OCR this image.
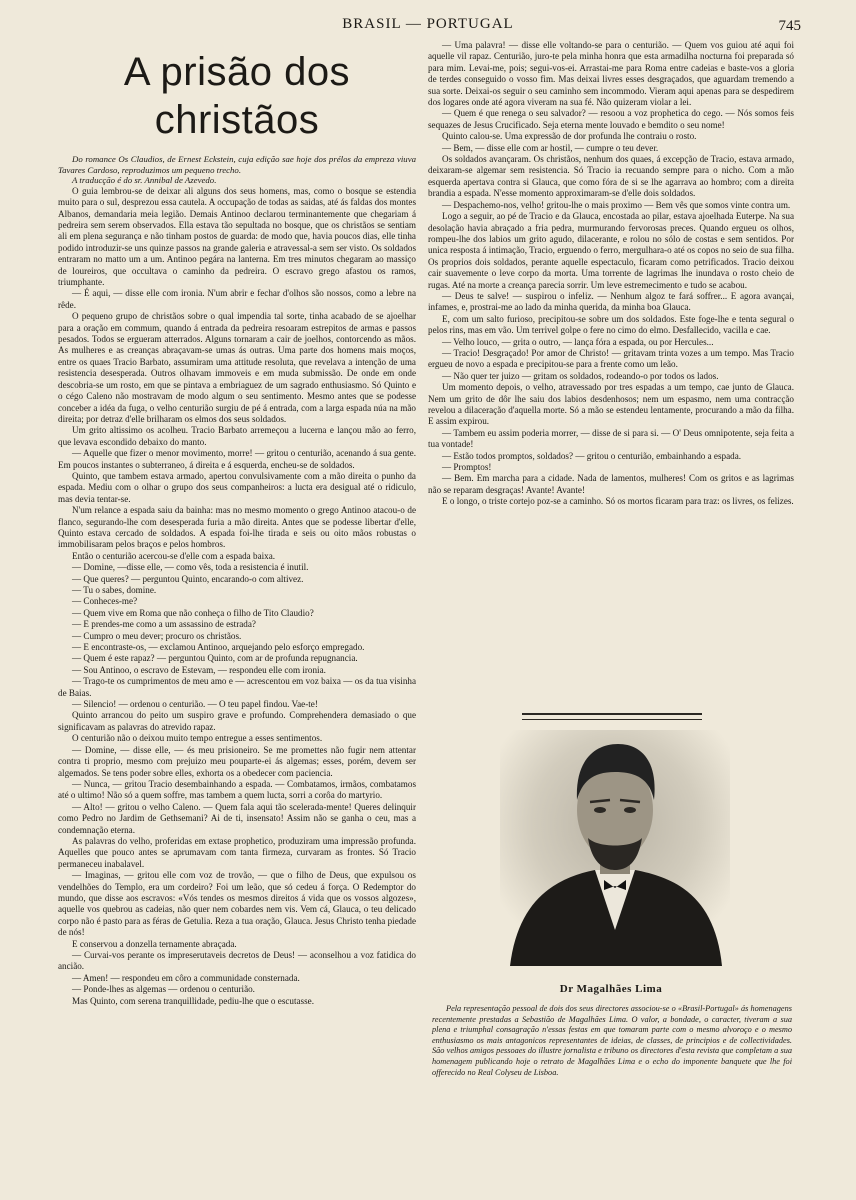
BRASIL — PORTUGAL	745
A prisão dos christãos

Do romance Os Claudios, de Ernest Eckstein, cuja edição sae hoje dos prélos da empreza viuva Tavares Cardoso, reproduzimos um pequeno trecho.

A traducção é do sr. Annibal de Azevedo.

O guia lembrou-se de deixar ali alguns dos seus homens, mas, como o bosque se estendia muito para o sul, desprezou essa cautela. A occupação de todas as saidas, até ás faldas dos montes Albanos, demandaria meia legião. Demais Antinoo declarou terminantemente que chegariam á pedreira sem serem observados. Ella estava tão sepultada no bosque, que os christãos se sentiam ali em plena segurança e não tinham postos de guarda: de modo que, havia poucos dias, elle tinha podido introduzir-se uns quinze passos na grande galeria e atravessal-a sem ser visto. Os soldados entraram no matto um a um. Antinoo pegára na lanterna. Em tres minutos chegaram ao massiço de loureiros, que occultava o caminho da pedreira. O escravo grego afastou os ramos, triumphante.

— É aqui, — disse elle com ironia. N'um abrir e fechar d'olhos são nossos, como a lebre na rêde.

O pequeno grupo de christãos sobre o qual impendia tal sorte, tinha acabado de se ajoelhar para a oração em commum, quando á entrada da pedreira resoaram estrepitos de armas e passos pesados. Todos se ergueram atterrados. Alguns tornaram a cair de joelhos, contorcendo as mãos. As mulheres e as creanças abraçavam-se umas ás outras. Uma parte dos homens mais moços, entre os quaes Tracio Barbato, assumiram uma attitude resoluta, que revelava a intenção de uma resistencia desesperada. Outros olhavam immoveis e em muda submissão. De onde em onde descobria-se um rosto, em que se pintava a embriaguez de um sagrado enthusiasmo. Só Quinto e o cégo Caleno não mostravam de modo algum o seu sentimento. Mesmo antes que se podesse conceber a idéa da fuga, o velho centurião surgiu de pé á entrada, com a larga espada núa na mão direita; por detraz d'elle brilharam os elmos dos seus soldados.

Um grito altissimo os acolheu. Tracio Barbato arremeçou a lucerna e lançou mão ao ferro, que levava escondido debaixo do manto.

— Aquelle que fizer o menor movimento, morre! — gritou o centurião, acenando á sua gente. Em poucos instantes o subterraneo, á direita e á esquerda, encheu-se de soldados.

Quinto, que tambem estava armado, apertou convulsivamente com a mão direita o punho da espada. Mediu com o olhar o grupo dos seus companheiros: a lucta era desigual até o ridiculo, mas devia tentar-se.

N'um relance a espada saiu da bainha: mas no mesmo momento o grego Antinoo atacou-o de flanco, segurando-lhe com desesperada furia a mão direita. Antes que se podesse libertar d'elle, Quinto estava cercado de soldados. A espada foi-lhe tirada e seis ou oito mãos robustas o immobilisaram pelos braços e pelos hombros.

Então o centurião acercou-se d'elle com a espada baixa.

— Domine, —disse elle, — como vês, toda a resistencia é inutil.

— Que queres? — perguntou Quinto, encarando-o com altivez.

— Tu o sabes, domine.

— Conheces-me?

— Quem vive em Roma que não conheça o filho de Tito Claudio?

— E prendes-me como a um assassino de estrada?

— Cumpro o meu dever; procuro os christãos.

— E encontraste-os, — exclamou Antinoo, arquejando pelo esforço empregado.

— Quem é este rapaz? — perguntou Quinto, com ar de profunda repugnancia.

— Sou Antinoo, o escravo de Estevam, — respondeu elle com ironia.

— Trago-te os cumprimentos de meu amo e — acrescentou em voz baixa — os da tua visinha de Baias.

— Silencio! — ordenou o centurião. — O teu papel findou. Vae-te!

Quinto arrancou do peito um suspiro grave e profundo. Comprehendera demasiado o que significavam as palavras do atrevido rapaz.

O centurião não o deixou muito tempo entregue a esses sentimentos.

— Domine, — disse elle, — és meu prisioneiro. Se me promettes não fugir nem attentar contra ti proprio, mesmo com prejuizo meu pouparte-ei ás algemas; esses, porém, devem ser algemados. Se tens poder sobre elles, exhorta os a obedecer com paciencia.

— Nunca, — gritou Tracio desembainhando a espada. — Combatamos, irmãos, combatamos até o ultimo! Não só a quem soffre, mas tambem a quem lucta, sorri a corôa do martyrio.

— Alto! — gritou o velho Caleno. — Quem fala aqui tão scelerada-mente! Queres delinquir como Pedro no Jardim de Gethsemani? Ai de ti, insensato! Assim não se ganha o ceu, mas a condemnação eterna.

As palavras do velho, proferidas em extase prophetico, produziram uma impressão profunda. Aquelles que pouco antes se aprumavam com tanta firmeza, curvaram as frontes. Só Tracio permaneceu inabalavel.

— Imaginas, — gritou elle com voz de trovão, — que o filho de Deus, que expulsou os vendelhões do Templo, era um cordeiro? Foi um leão, que só cedeu á força. O Redemptor do mundo, que disse aos escravos: «Vós tendes os mesmos direitos á vida que os vossos algozes», aquelle vos quebrou as cadeias, não quer nem cobardes nem vis. Vem cá, Glauca, o teu delicado corpo não é pasto para as féras de Getulia. Reza a tua oração, Glauca. Jesus Christo tenha piedade de nós!

E conservou a donzella ternamente abraçada.

— Curvai-vos perante os impreserutaveis decretos de Deus! — aconselhou a voz fatidica do ancião.

— Amen! — respondeu em côro a communidade consternada.

— Ponde-lhes as algemas — ordenou o centurião.

Mas Quinto, com serena tranquillidade, pediu-lhe que o escutasse.

— Uma palavra! — disse elle voltando-se para o centurião. — Quem vos guiou até aqui foi aquelle vil rapaz. Centurião, juro-te pela minha honra que esta armadilha nocturna foi preparada só para mim. Levai-me, pois; segui-vos-ei. Arrastai-me para Roma entre cadeias e baste-vos a gloria de terdes conseguido o vosso fim. Mas deixai livres esses desgraçados, que aguardam tremendo a sua sorte. Deixai-os seguir o seu caminho sem incommodo. Vieram aqui apenas para se despedirem dos logares onde até agora viveram na sua fé. Não quizeram violar a lei.

— Quem é que renega o seu salvador? — resoou a voz prophetica do cego. — Nós somos feis sequazes de Jesus Crucificado. Seja eterna mente louvado e bemdito o seu nome!

Quinto calou-se. Uma expressão de dor profunda lhe contraiu o rosto.

— Bem, — disse elle com ar hostil, — cumpre o teu dever.

Os soldados avançaram. Os christãos, nenhum dos quaes, á excepção de Tracio, estava armado, deixaram-se algemar sem resistencia. Só Tracio ia recuando sempre para o nicho. Com a mão esquerda apertava contra si Glauca, que como fóra de si se lhe agarrava ao hombro; com a direita brandia a espada. N'esse momento approximaram-se d'elle dois soldados.

— Despachemo-nos, velho! gritou-lhe o mais proximo — Bem vês que somos vinte contra um.

Logo a seguir, ao pé de Tracio e da Glauca, encostada ao pilar, estava ajoelhada Euterpe. Na sua desolação havia abraçado a fria pedra, murmurando fervorosas preces. Quando ergueu os olhos, rompeu-lhe dos labios um grito agudo, dilacerante, e rolou no sólo de costas e sem sentidos. Por unica resposta á intimação, Tracio, erguendo o ferro, mergulhara-o até os copos no seio de sua filha. Os proprios dois soldados, perante aquelle espectaculo, ficaram como petrificados. Tracio deixou cair suavemente o leve corpo da morta. Uma torrente de lagrimas lhe inundava o rosto cheio de rugas. Até na morte a creança parecia sorrir. Um leve estremecimento e tudo se acabou.

— Deus te salve! — suspirou o infeliz. — Nenhum algoz te fará soffrer... E agora avançai, infames, e, prostrai-me ao lado da minha querida, da minha boa Glauca.

E, com um salto furioso, precipitou-se sobre um dos soldados. Este foge-lhe e tenta segural o pelos rins, mas em vão. Um terrivel golpe o fere no cimo do elmo. Desfallecido, vacilla e cae.

— Velho louco, — grita o outro, — lança fóra a espada, ou por Hercules...

— Tracio! Desgraçado! Por amor de Christo! — gritavam trinta vozes a um tempo. Mas Tracio ergueu de novo a espada e precipitou-se para a frente como um leão.

— Não quer ter juizo — gritam os soldados, rodeando-o por todos os lados.

Um momento depois, o velho, atravessado por tres espadas a um tempo, cae junto de Glauca. Nem um grito de dôr lhe saiu dos labios desdenhosos; nem um espasmo, nem uma contracção revelou a dilaceração d'aquella morte. Só a mão se estendeu lentamente, procurando a mão da filha. E assim expirou.

— Tambem eu assim poderia morrer, — disse de si para si. — O' Deus omnipotente, seja feita a tua vontade!

— Estão todos promptos, soldados? — gritou o centurião, embainhando a espada.

— Promptos!

— Bem. Em marcha para a cidade. Nada de lamentos, mulheres! Com os gritos e as lagrimas não se reparam desgraças! Avante! Avante!

E o longo, o triste cortejo poz-se a caminho. Só os mortos ficaram para traz: os livres, os felizes.

Dr Magalhães Lima
Pela representação pessoal de dois dos seus directores associou-se o «Brasil-Portugal» ás homenagens recentemente prestadas a Sebastião de Magalhães Lima. O valor, a bondade, o caracter, tiveram a sua plena e triumphal consagração n'essas festas em que tomaram parte com o mesmo alvoroço e o mesmo enthusiasmo os mais antagonicos representantes de ideias, de classes, de principios e de collectividades. São velhos amigos pessoaes do illustre jornalista e tribuno os directores d'esta revista que completam a sua homenagem publicando hoje o retrato de Magalhães Lima e o echo do imponente banquete que lhe foi offerecido no Real Colyseu de Lisboa.
